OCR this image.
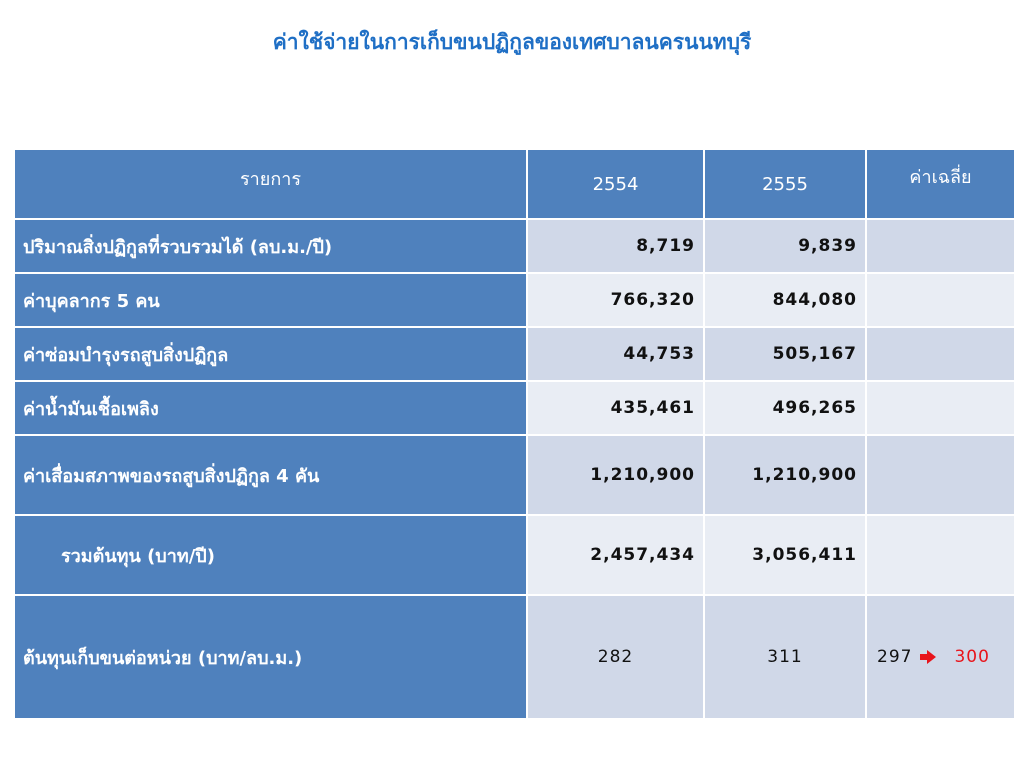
ค่าใช้จ่ายในการเก็บขนปฏิกูลของเทศบาลนครนนทบุรี
รายการ	2554	2555	ค่าเฉลี่ย
ปริมาณสิ่งปฏิกูลที่รวบรวมได้ (ลบ.ม./ปี)	8,719	9,839	
ค่าบุคลากร 5 คน	766,320	844,080	
ค่าซ่อมบำรุงรถสูบสิ่งปฏิกูล	44,753	505,167	
ค่าน้ำมันเชื้อเพลิง	435,461	496,265	
ค่าเสื่อมสภาพของรถสูบสิ่งปฏิกูล 4 คัน	1,210,900	1,210,900	
รวมต้นทุน (บาท/ปี)	2,457,434	3,056,411	
ต้นทุนเก็บขนต่อหน่วย (บาท/ลบ.ม.)	282	311	297 300
